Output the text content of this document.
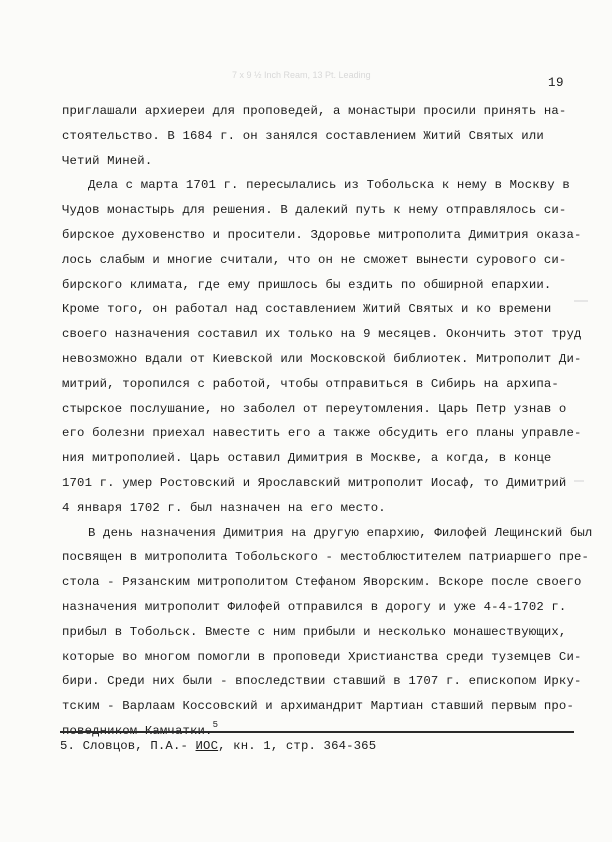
7 x 9 ½ Inch Ream, 13 Pt. Leading
19
приглашали архиереи для проповедей, а монастыри просили принять на-
стоятельство. В 1684 г. он занялся составлением Житий Святых или
Четий Миней.
Дела с марта 1701 г. пересылались из Тобольска к нему в Москву в
Чудов монастырь для решения. В далекий путь к нему отправлялось си-
бирское духовенство и просители. Здоровье митрополита Димитрия оказа-
лось слабым и многие считали, что он не сможет вынести сурового си-
бирского климата, где ему пришлось бы ездить по обширной епархии.
Кроме того, он работал над составлением Житий Святых и ко времени
своего назначения составил их только на 9 месяцев. Окончить этот труд
невозможно вдали от Киевской или Московской библиотек. Митрополит Ди-
митрий, торопился с работой, чтобы отправиться в Сибирь на архипа-
стырское послушание, но заболел от переутомления. Царь Петр узнав о
его болезни приехал навестить его а также обсудить его планы управле-
ния митрополией. Царь оставил Димитрия в Москве, а когда, в конце
1701 г. умер Ростовский и Ярославский митрополит Иосаф, то Димитрий
4 января 1702 г. был назначен на его место.
В день назначения Димитрия на другую епархию, Филофей Лещинский был
посвящен в митрополита Тобольского - местоблюстителем патриаршего пре-
стола - Рязанским митрополитом Стефаном Яворским. Вскоре после своего
назначения митрополит Филофей отправился в дорогу и уже 4-4-1702 г.
прибыл в Тобольск. Вместе с ним прибыли и несколько монашествующих,
которые во многом помогли в проповеди Христианства среди туземцев Си-
бири. Среди них были - впоследствии ставший в 1707 г. епископом Ирку-
тским - Варлаам Коссовский и архимандрит Мартиан ставший первым про-
поведником Камчатки.$^5$
5. Словцов, П.А.- ИОС, кн. 1, стр. 364-365
